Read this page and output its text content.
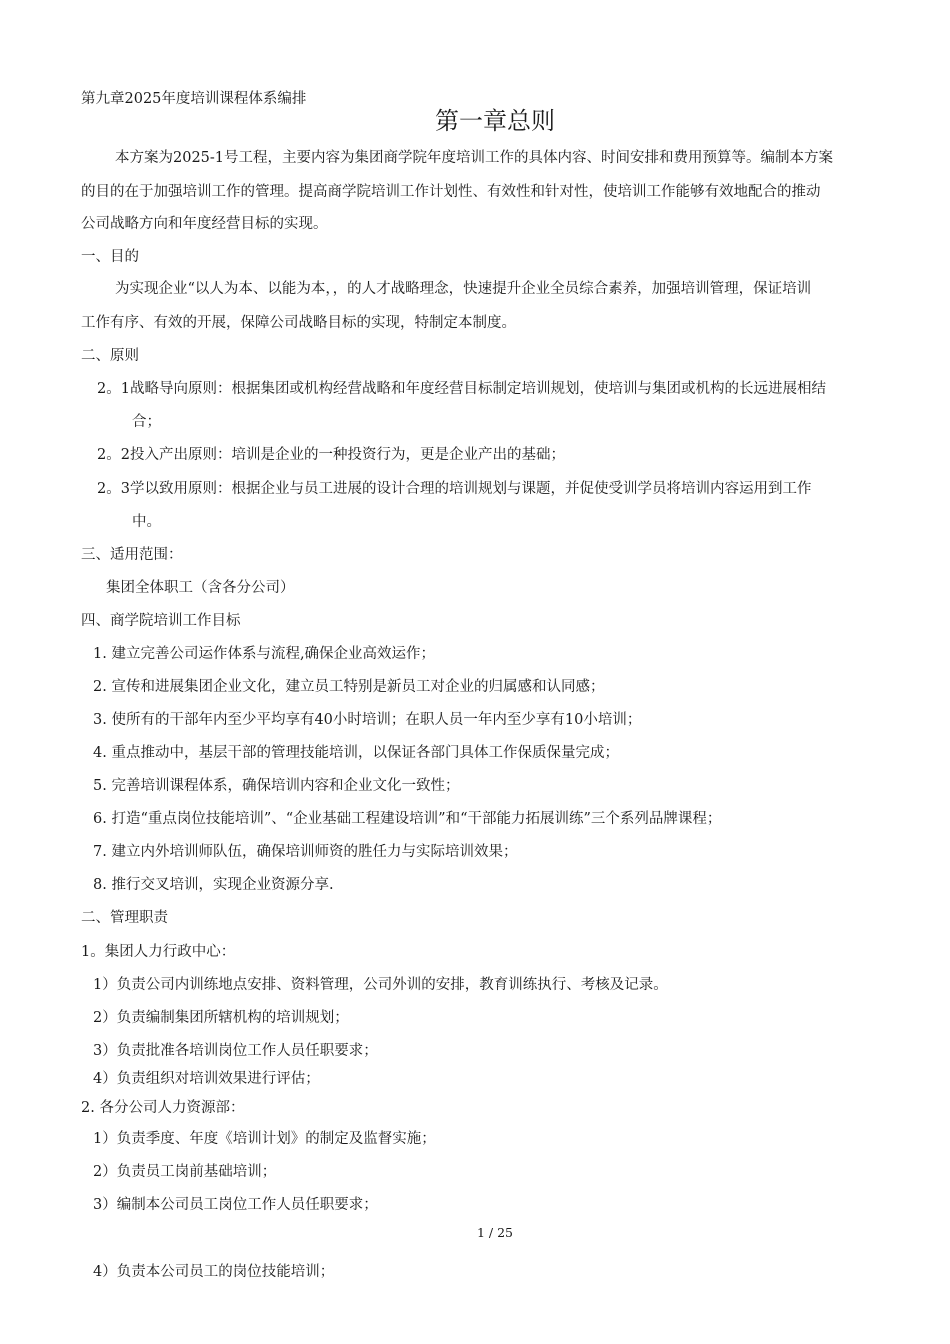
第九章2025年度培训课程体系编排
第一章总则
本方案为2025-1号工程，主要内容为集团商学院年度培训工作的具体内容、时间安排和费用预算等。编制本方案
的目的在于加强培训工作的管理。提高商学院培训工作计划性、有效性和针对性，使培训工作能够有效地配合的推动
公司战略方向和年度经营目标的实现。
一、目的
为实现企业“以人为本、以能为本，，的人才战略理念，快速提升企业全员综合素养，加强培训管理，保证培训
工作有序、有效的开展，保障公司战略目标的实现，特制定本制度。
二、原则
2。1战略导向原则：根据集团或机构经营战略和年度经营目标制定培训规划，使培训与集团或机构的长远进展相结
合；
2。2投入产出原则：培训是企业的一种投资行为，更是企业产出的基础；
2。3学以致用原则：根据企业与员工进展的设计合理的培训规划与课题，并促使受训学员将培训内容运用到工作
中。
三、适用范围：
集团全体职工（含各分公司）
四、商学院培训工作目标
1. 建立完善公司运作体系与流程,确保企业高效运作；
2. 宣传和进展集团企业文化，建立员工特别是新员工对企业的归属感和认同感；
3. 使所有的干部年内至少平均享有40小时培训；在职人员一年内至少享有10小培训；
4. 重点推动中，基层干部的管理技能培训，以保证各部门具体工作保质保量完成；
5. 完善培训课程体系，确保培训内容和企业文化一致性；
6. 打造“重点岗位技能培训”、“企业基础工程建设培训”和“干部能力拓展训练”三个系列品牌课程；
7. 建立内外培训师队伍，确保培训师资的胜任力与实际培训效果；
8. 推行交叉培训，实现企业资源分享.
二、管理职责
1。集团人力行政中心：
1）负责公司内训练地点安排、资料管理，公司外训的安排，教育训练执行、考核及记录。
2）负责编制集团所辖机构的培训规划；
3）负责批准各培训岗位工作人员任职要求；
4）负责组织对培训效果进行评估；
2. 各分公司人力资源部：
1）负责季度、年度《培训计划》的制定及监督实施；
2）负责员工岗前基础培训；
3）编制本公司员工岗位工作人员任职要求；
1 / 25
4）负责本公司员工的岗位技能培训；
